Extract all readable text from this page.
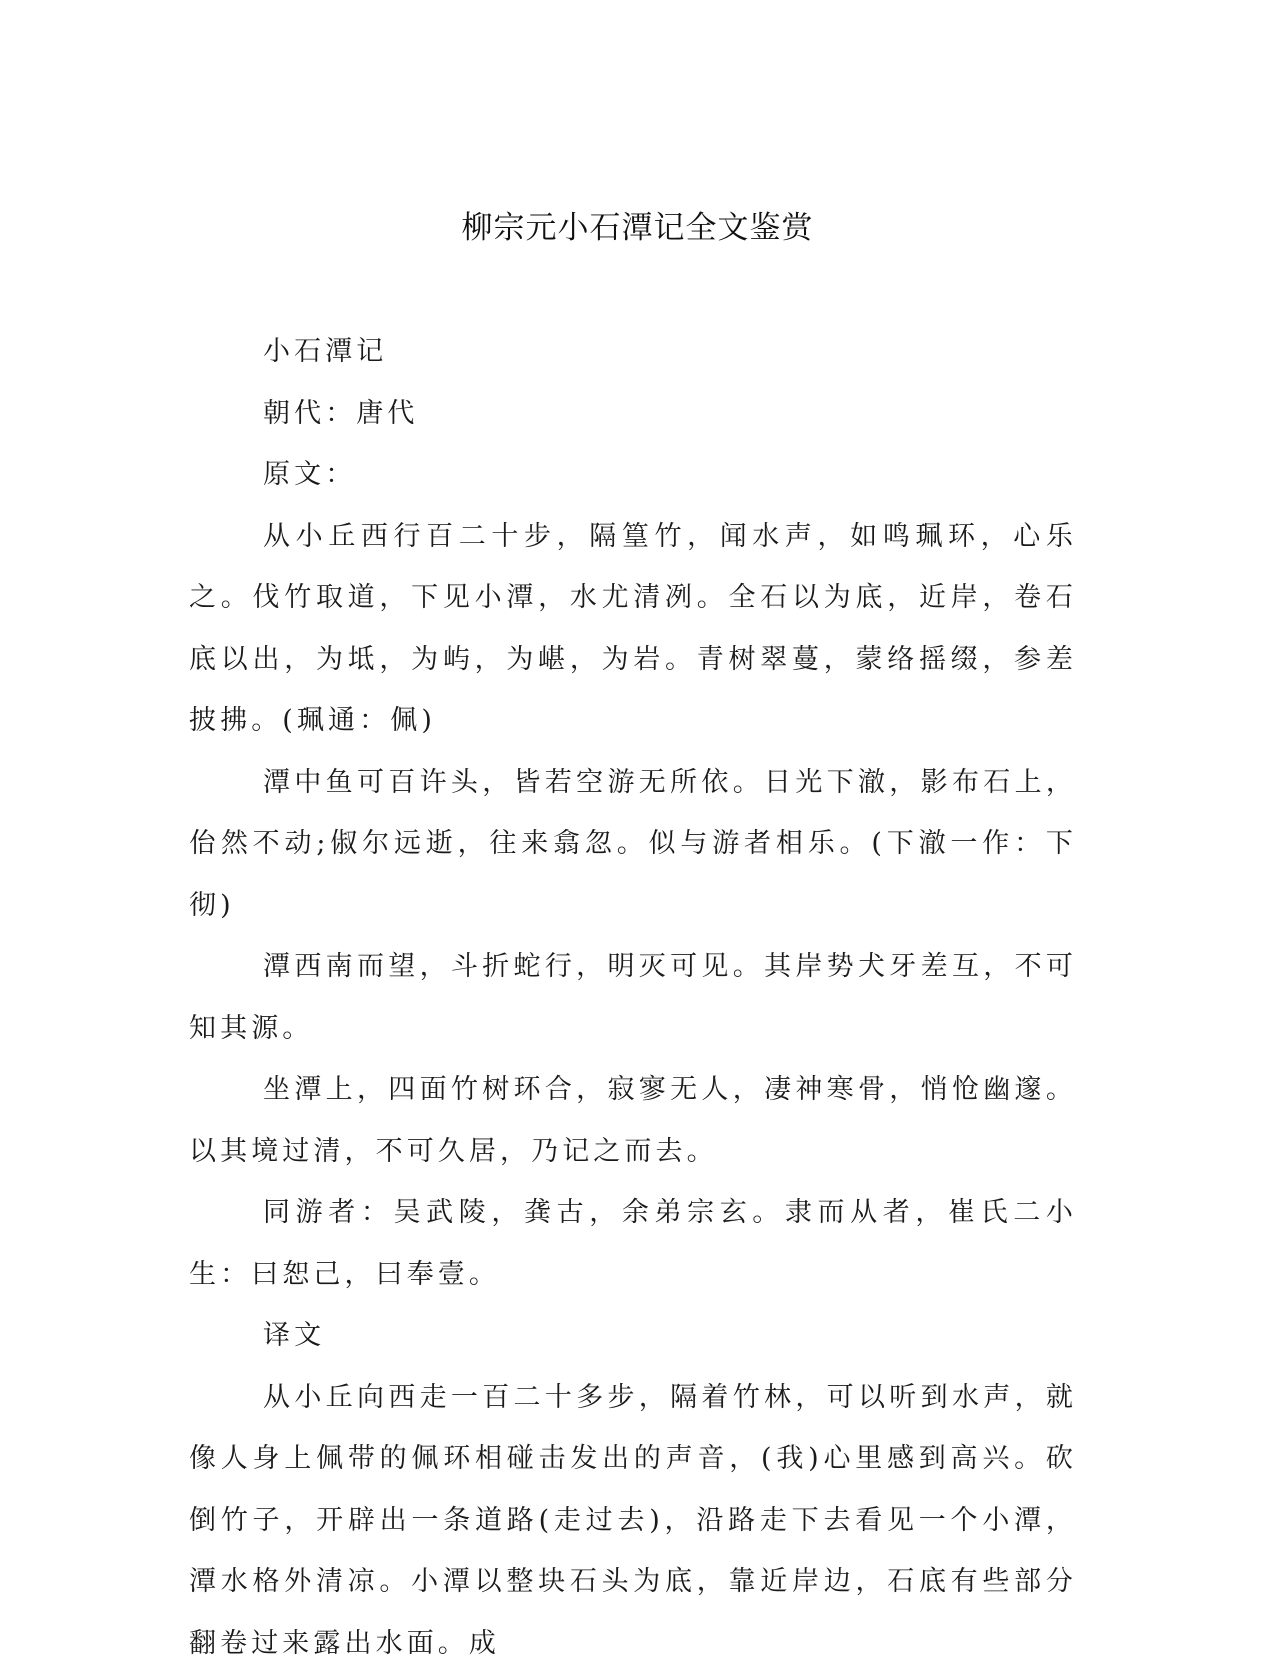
柳宗元小石潭记全文鉴赏

小石潭记

朝代：唐代

原文：

从小丘西行百二十步，隔篁竹，闻水声，如鸣珮环，心乐之。伐竹取道，下见小潭，水尤清冽。全石以为底，近岸，卷石底以出，为坻，为屿，为嵁，为岩。青树翠蔓，蒙络摇缀，参差披拂。(珮通：佩)

潭中鱼可百许头，皆若空游无所依。日光下澈，影布石上，佁然不动;俶尔远逝，往来翕忽。似与游者相乐。(下澈一作：下彻)

潭西南而望，斗折蛇行，明灭可见。其岸势犬牙差互，不可知其源。

坐潭上，四面竹树环合，寂寥无人，凄神寒骨，悄怆幽邃。以其境过清，不可久居，乃记之而去。

同游者：吴武陵，龚古，余弟宗玄。隶而从者，崔氏二小生：曰恕己，曰奉壹。

译文

从小丘向西走一百二十多步，隔着竹林，可以听到水声，就像人身上佩带的佩环相碰击发出的声音，(我)心里感到高兴。砍倒竹子，开辟出一条道路(走过去)，沿路走下去看见一个小潭，潭水格外清凉。小潭以整块石头为底，靠近岸边，石底有些部分翻卷过来露出水面。成
